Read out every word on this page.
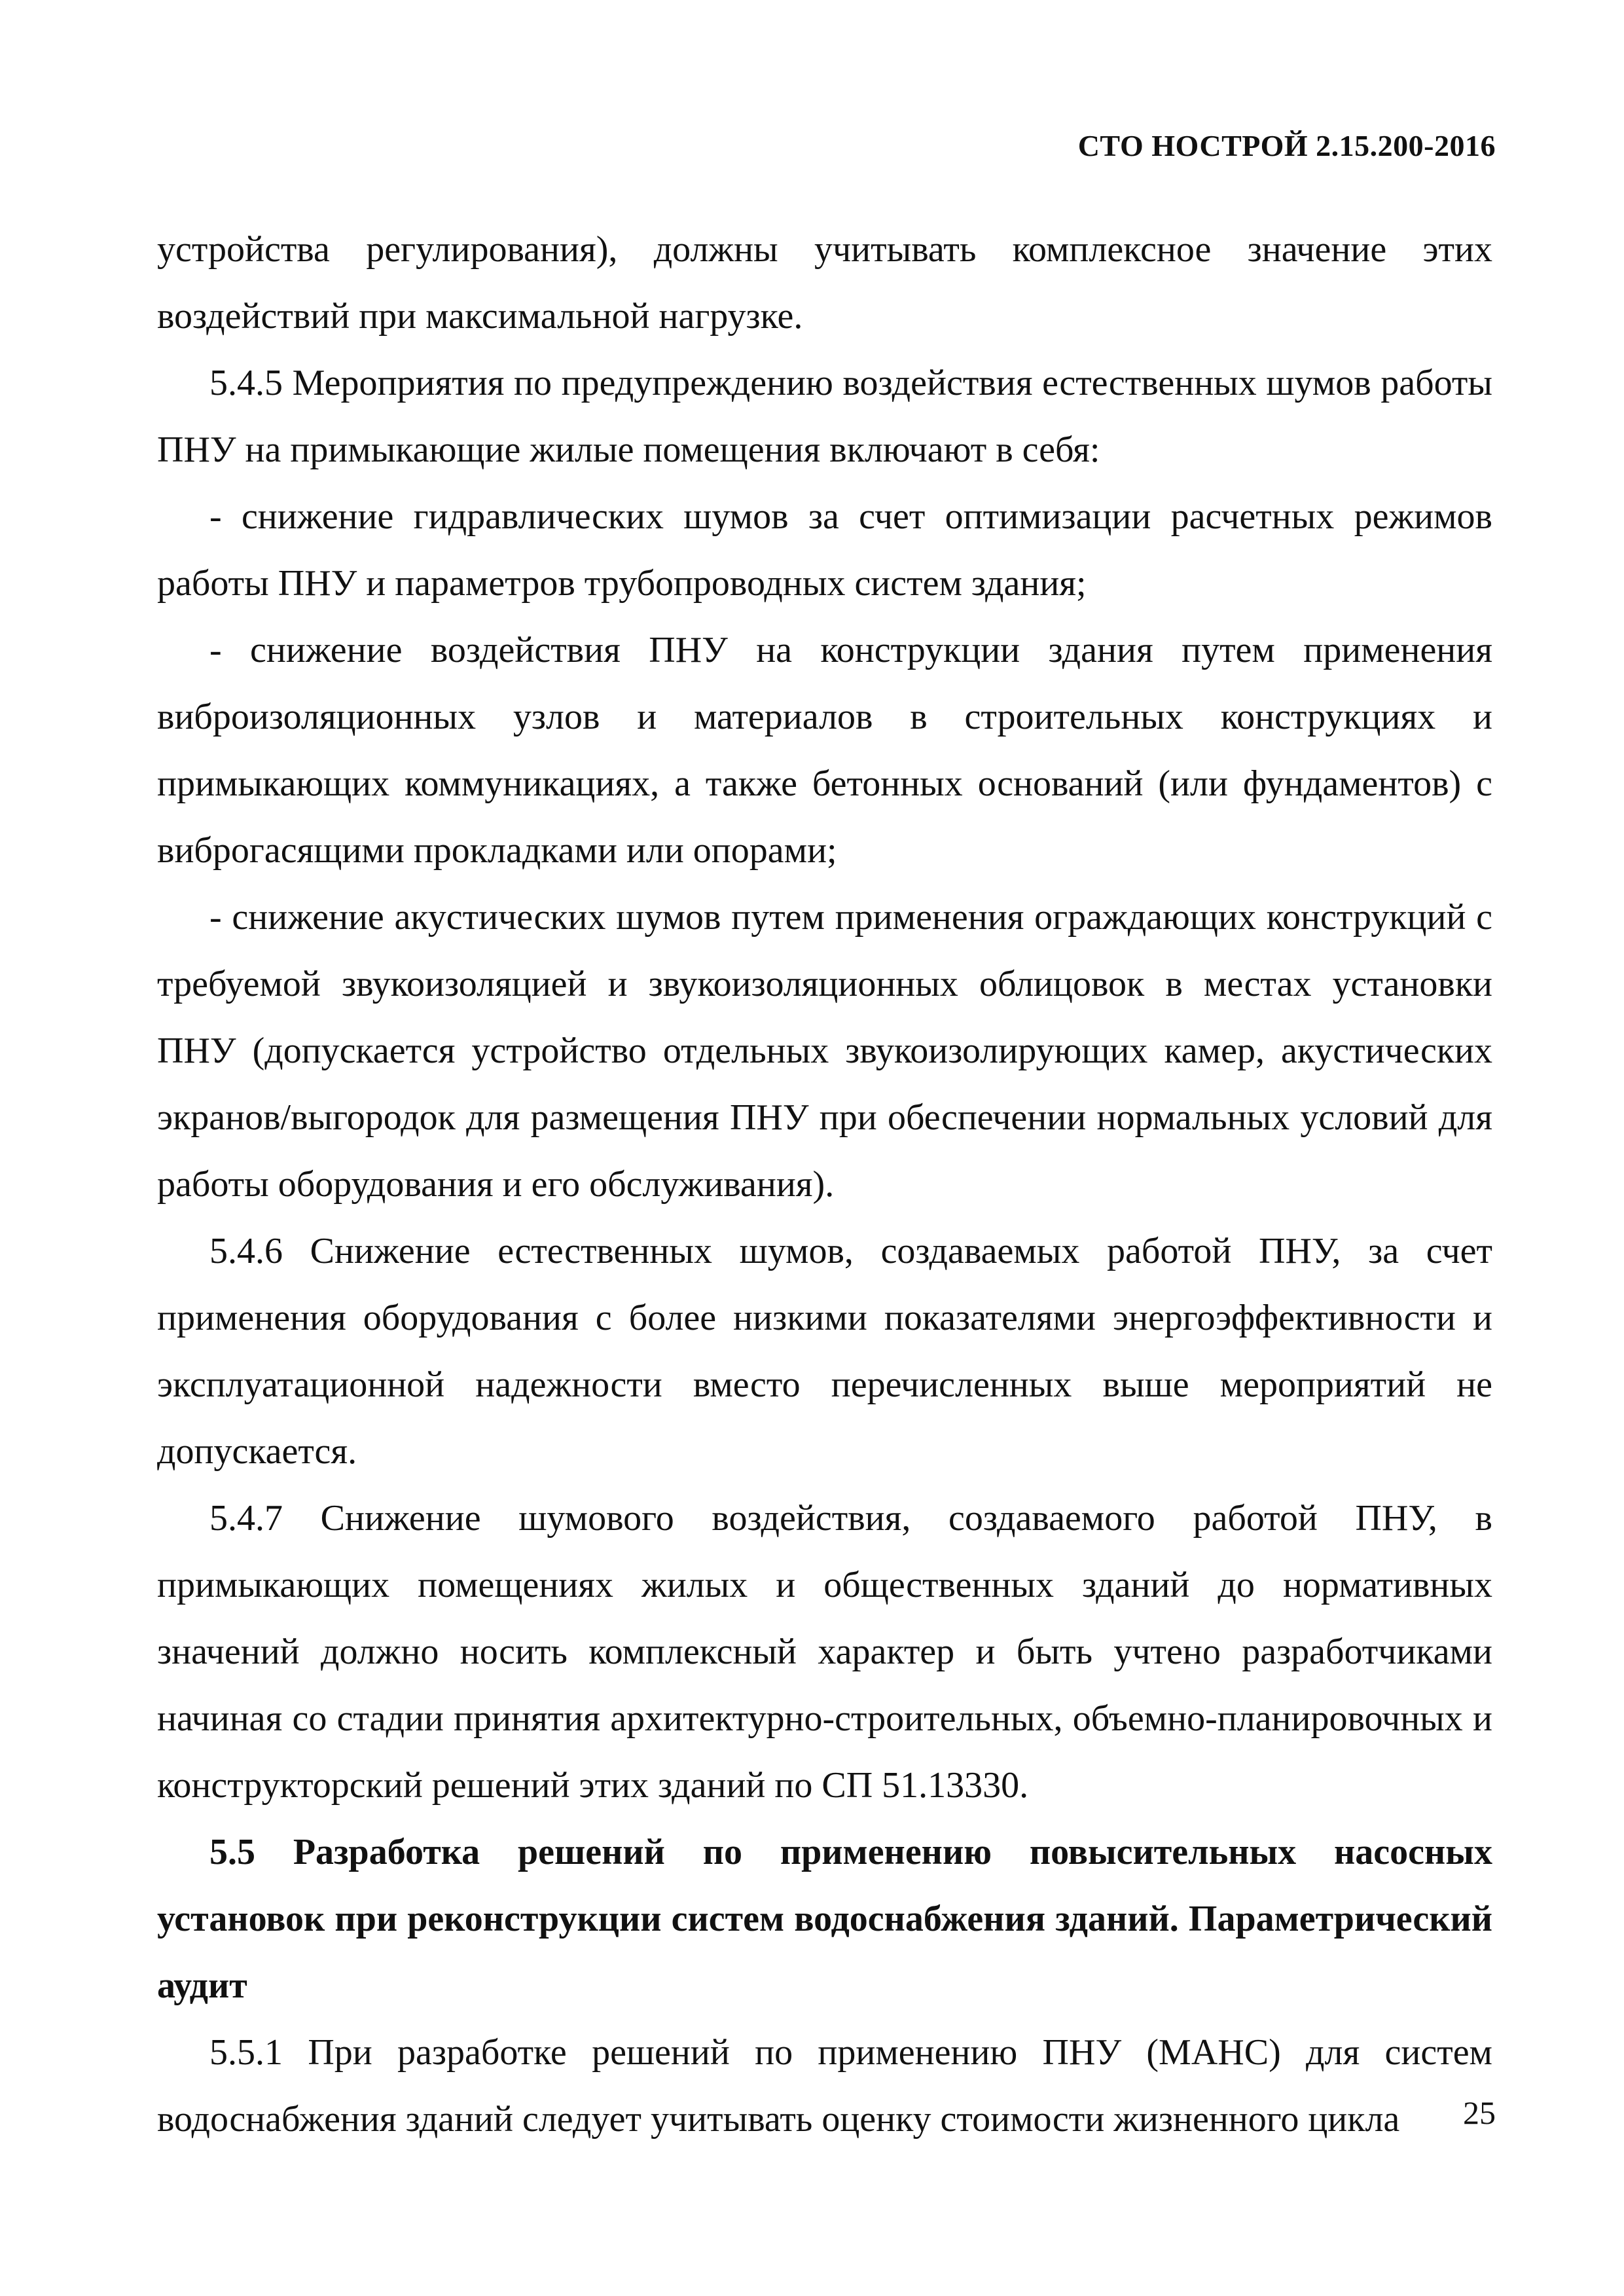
СТО НОСТРОЙ 2.15.200-2016

устройства регулирования), должны учитывать комплексное значение этих воздействий при максимальной нагрузке.

5.4.5 Мероприятия по предупреждению воздействия естественных шумов работы ПНУ на примыкающие жилые помещения включают в себя:

- снижение гидравлических шумов за счет оптимизации расчетных режимов работы ПНУ и параметров трубопроводных систем здания;

- снижение воздействия ПНУ на конструкции здания путем применения виброизоляционных узлов и материалов в строительных конструкциях и примыкающих коммуникациях, а также бетонных оснований (или фундаментов) с виброгасящими прокладками или опорами;

- снижение акустических шумов путем применения ограждающих конструкций с требуемой звукоизоляцией и звукоизоляционных облицовок в местах установки ПНУ (допускается устройство отдельных звукоизолирующих камер, акустических экранов/выгородок для размещения ПНУ при обеспечении нормальных условий для работы оборудования и его обслуживания).

5.4.6 Снижение естественных шумов, создаваемых работой ПНУ, за счет применения оборудования с более низкими показателями энергоэффективности и эксплуатационной надежности вместо перечисленных выше мероприятий не допускается.

5.4.7 Снижение шумового воздействия, создаваемого работой ПНУ, в примыкающих помещениях жилых и общественных зданий до нормативных значений должно носить комплексный характер и быть учтено разработчиками начиная со стадии принятия архитектурно-строительных, объемно-планировочных и конструкторский решений этих зданий по СП 51.13330.

5.5 Разработка решений по применению повысительных насосных установок при реконструкции систем водоснабжения зданий. Параметрический аудит

5.5.1 При разработке решений по применению ПНУ (МАНС) для систем водоснабжения зданий следует учитывать оценку стоимости жизненного цикла	25
